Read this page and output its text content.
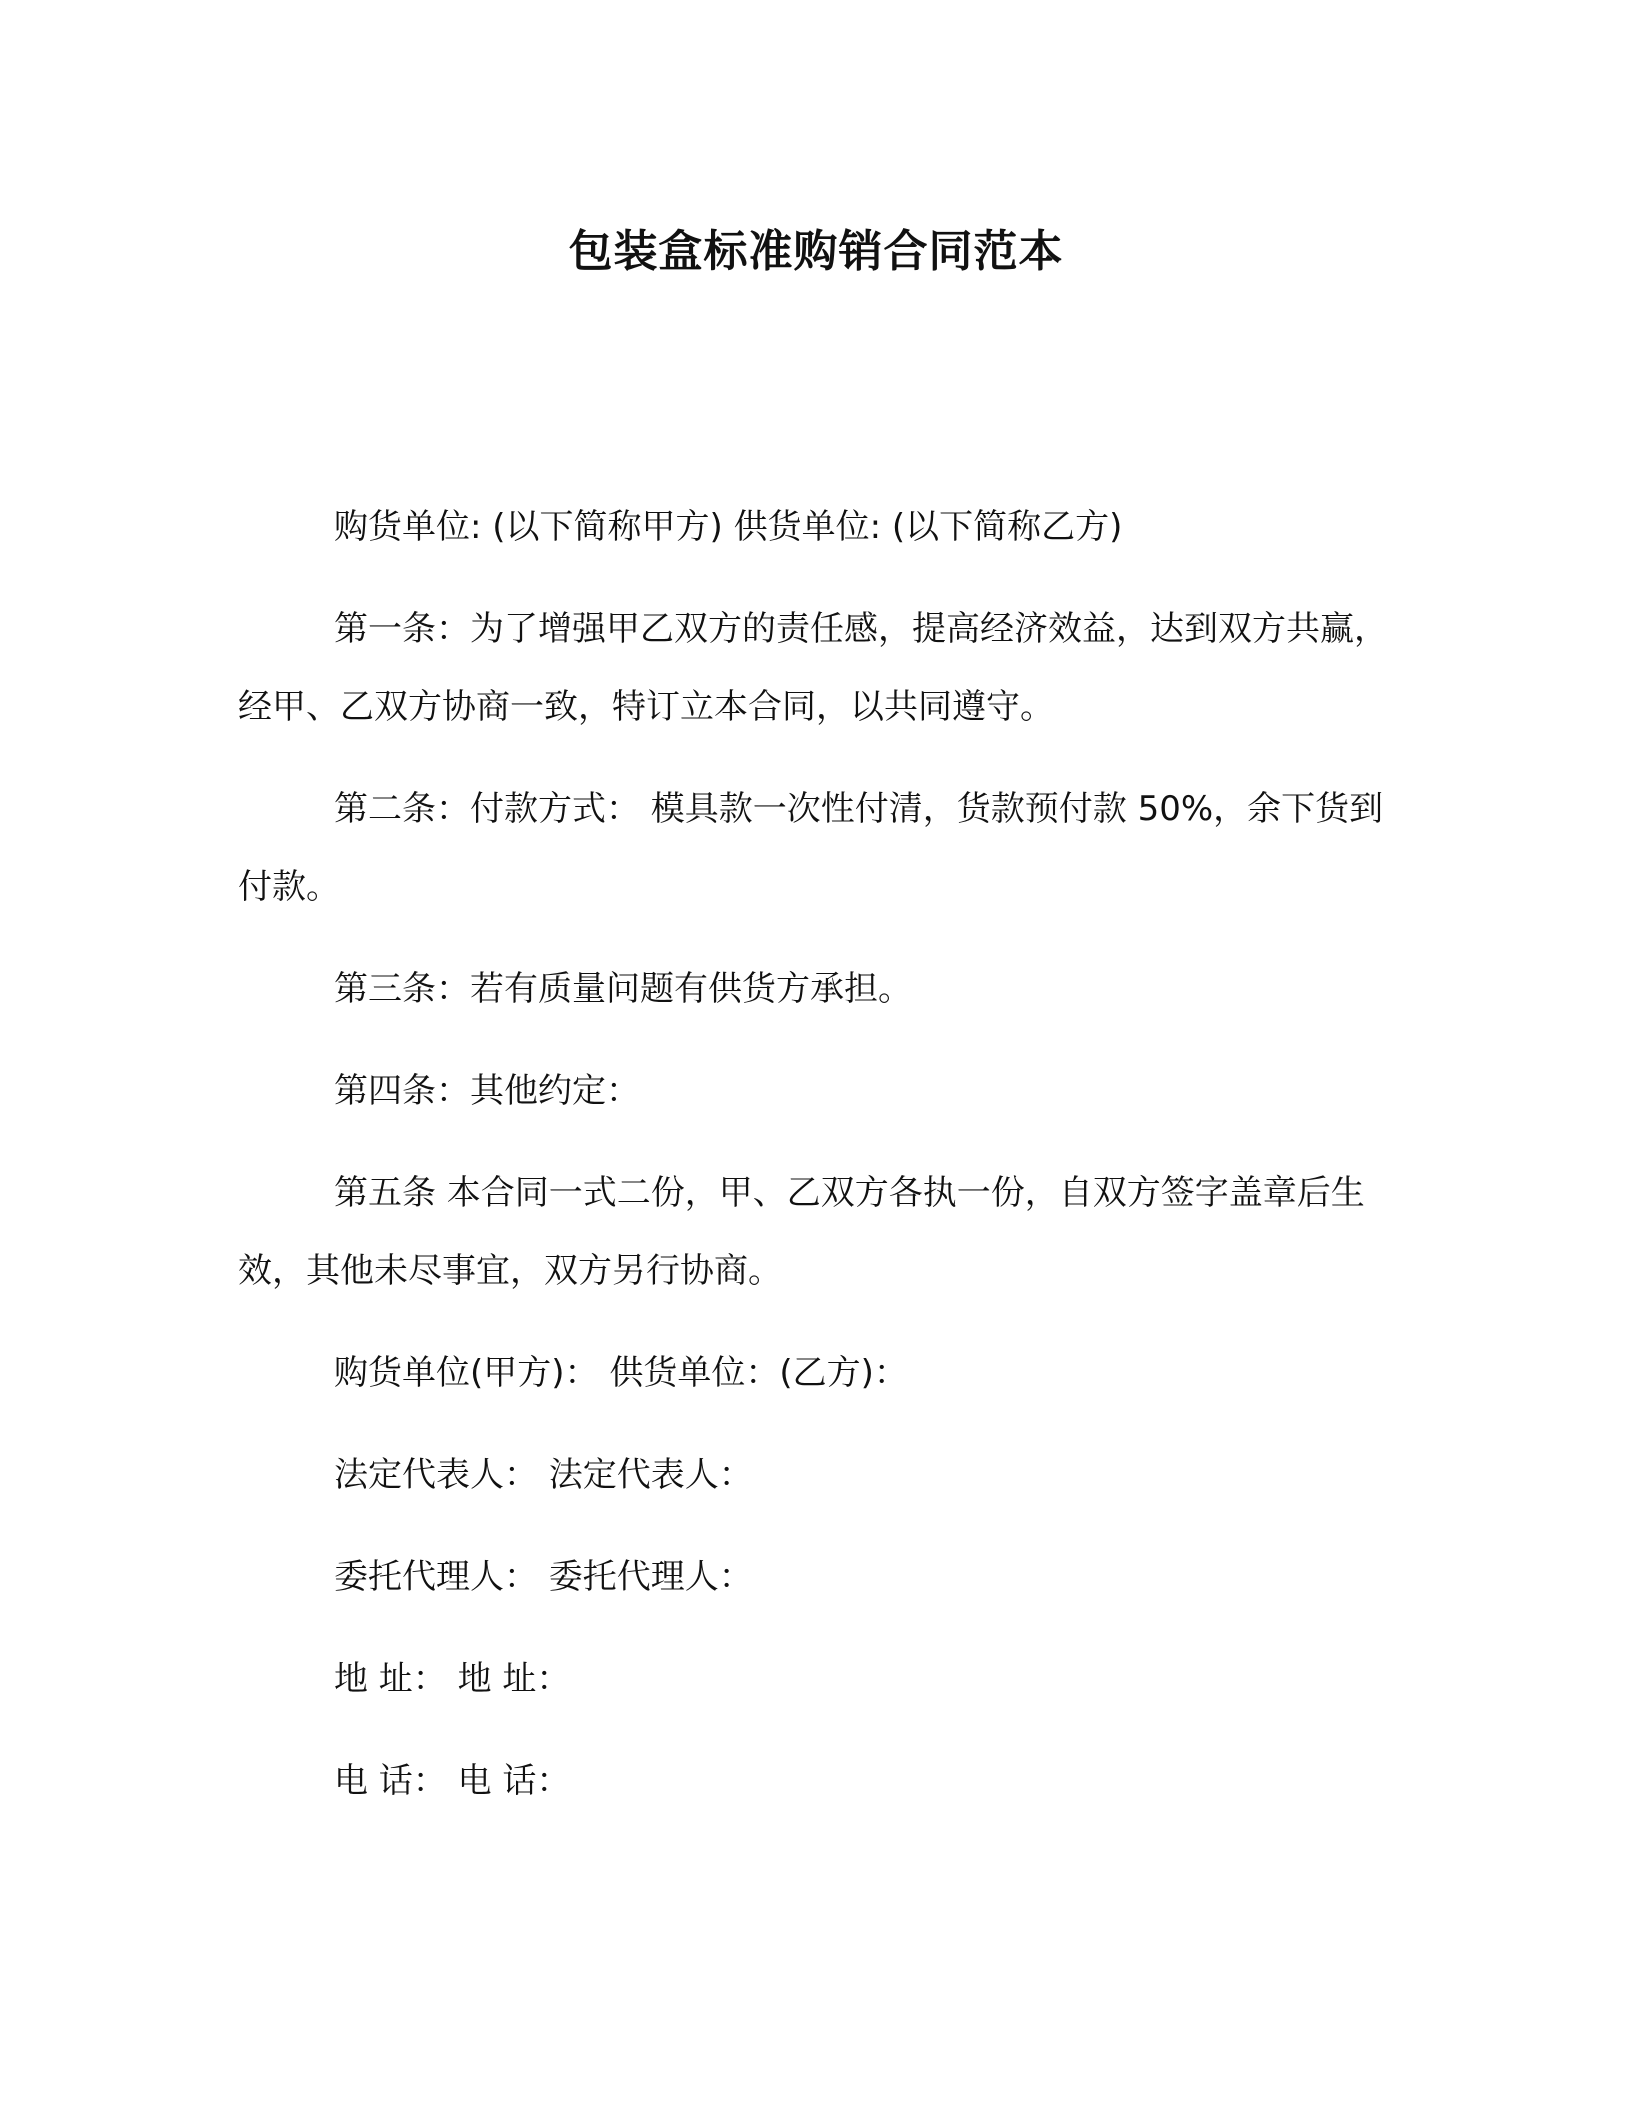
包装盒标准购销合同范本

购货单位: (以下简称甲方) 供货单位: (以下简称乙方)

第一条：为了增强甲乙双方的责任感，提高经济效益，达到双方共赢，经甲、乙双方协商一致，特订立本合同，以共同遵守。

第二条：付款方式： 模具款一次性付清，货款预付款 50%，余下货到付款。

第三条：若有质量问题有供货方承担。

第四条：其他约定：

第五条 本合同一式二份，甲、乙双方各执一份，自双方签字盖章后生效，其他未尽事宜，双方另行协商。

购货单位(甲方)： 供货单位：(乙方)：

法定代表人： 法定代表人：

委托代理人： 委托代理人：

地 址： 地 址：

电 话： 电 话：
